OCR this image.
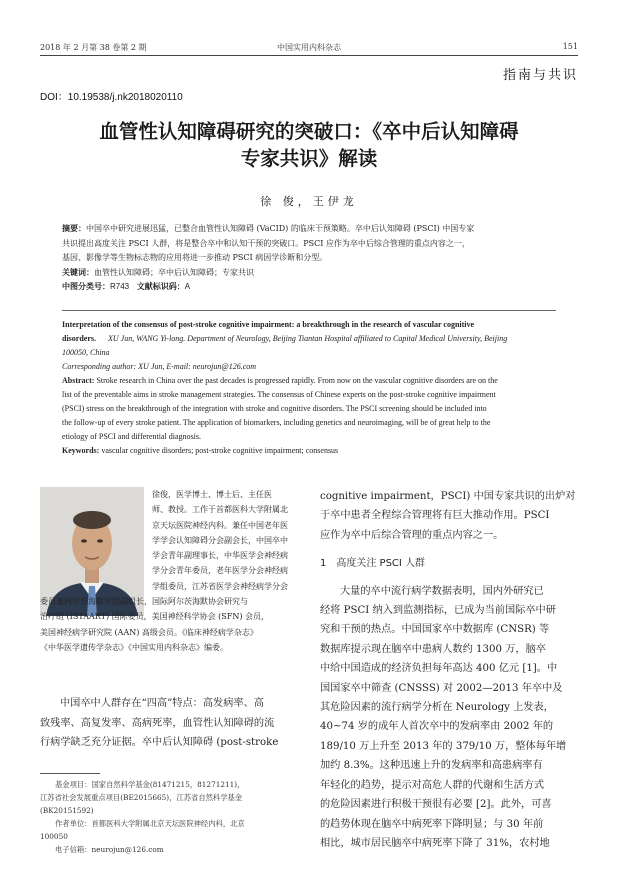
2018 年 2 月第 38 卷第 2 期	中国实用内科杂志	151
指南与共识
DOI：10.19538/j.nk2018020110
血管性认知障碍研究的突破口：《卒中后认知障碍
专家共识》解读
徐 俊，王伊龙
摘要：中国卒中研究进展迅猛，已整合血管性认知障碍 (VaCID) 的临床干预策略。卒中后认知障碍 (PSCI) 中国专家
共识提出高度关注 PSCI 人群，将是整合卒中和认知干预的突破口。PSCI 应作为卒中后综合管理的重点内容之一，
基因、影像学等生物标志物的应用将进一步推动 PSCI 病因学诊断和分型。
关键词：血管性认知障碍；卒中后认知障碍；专家共识
中图分类号：R743 文献标识码：A
Interpretation of the consensus of post-stroke cognitive impairment: a breakthrough in the research of vascular cognitive
disorders. XU Jun, WANG Yi-long. Department of Neurology, Beijing Tiantan Hospital affiliated to Capital Medical University, Beijing
100050, China
Corresponding author: XU Jun, E-mail: neurojun@126.com
Abstract: Stroke research in China over the past decades is progressed rapidly. From now on the vascular cognitive disorders are on the
list of the preventable aims in stroke management strategies. The consensus of Chinese experts on the post-stroke cognitive impairment
(PSCI) stress on the breakthrough of the integration with stroke and cognitive disorders. The PSCI screening should be included into
the follow-up of every stroke patient. The application of biomarkers, including genetics and neuroimaging, will be of great help to the
etiology of PSCI and differential diagnosis.
Keywords: vascular cognitive disorders; post-stroke cognitive impairment; consensus
徐俊，医学博士、博士后、主任医
师、教授。工作于首都医科大学附属北
京天坛医院神经内科。兼任中国老年医
学学会认知障碍分会副会长，中国卒中
学会青年副理事长，中华医学会神经病
学分会青年委员，老年医学分会神经病
学组委员，江苏省医学会神经病学分会
委员兼阿尔茨海默学组副组长，国际阿尔茨海默协会研究与
治疗组 (ISTAART) 国际委员，美国神经科学协会 (SFN) 会员，
美国神经病学研究院 (AAN) 高级会员。《临床神经病学杂志》
《中华医学遗传学杂志》《中国实用内科杂志》编委。
中国卒中人群存在“四高”特点：高发病率、高
致残率、高复发率、高病死率，血管性认知障碍的流
行病学缺乏充分证据。卒中后认知障碍 (post-stroke
基金项目：国家自然科学基金(81471215，81271211)，
江苏省社会发展重点项目(BE2015665)，江苏省自然科学基金
(BK20151592)
作者单位：首都医科大学附属北京天坛医院神经内科，北京
100050
电子信箱：neurojun@126.com
cognitive impairment，PSCI) 中国专家共识的出炉对
于卒中患者全程综合管理将有巨大推动作用。PSCI
应作为卒中后综合管理的重点内容之一。
1　高度关注 PSCI 人群
大量的卒中流行病学数据表明，国内外研究已
经将 PSCI 纳入到监测指标，已成为当前国际卒中研
究和干预的热点。中国国家卒中数据库 (CNSR) 等
数据库提示现在脑卒中患病人数约 1300 万，脑卒
中给中国造成的经济负担每年高达 400 亿元 [1]。中
国国家卒中筛查 (CNSSS) 对 2002—2013 年卒中及
其危险因素的流行病学分析在 Neurology 上发表，
40~74 岁的成年人首次卒中的发病率由 2002 年的
189/10 万上升至 2013 年的 379/10 万，整体每年增
加约 8.3%。这种迅速上升的发病率和高患病率有
年轻化的趋势，提示对高危人群的代谢和生活方式
的危险因素进行积极干预很有必要 [2]。此外，可喜
的趋势体现在脑卒中病死率下降明显；与 30 年前
相比，城市居民脑卒中病死率下降了 31%，农村地
